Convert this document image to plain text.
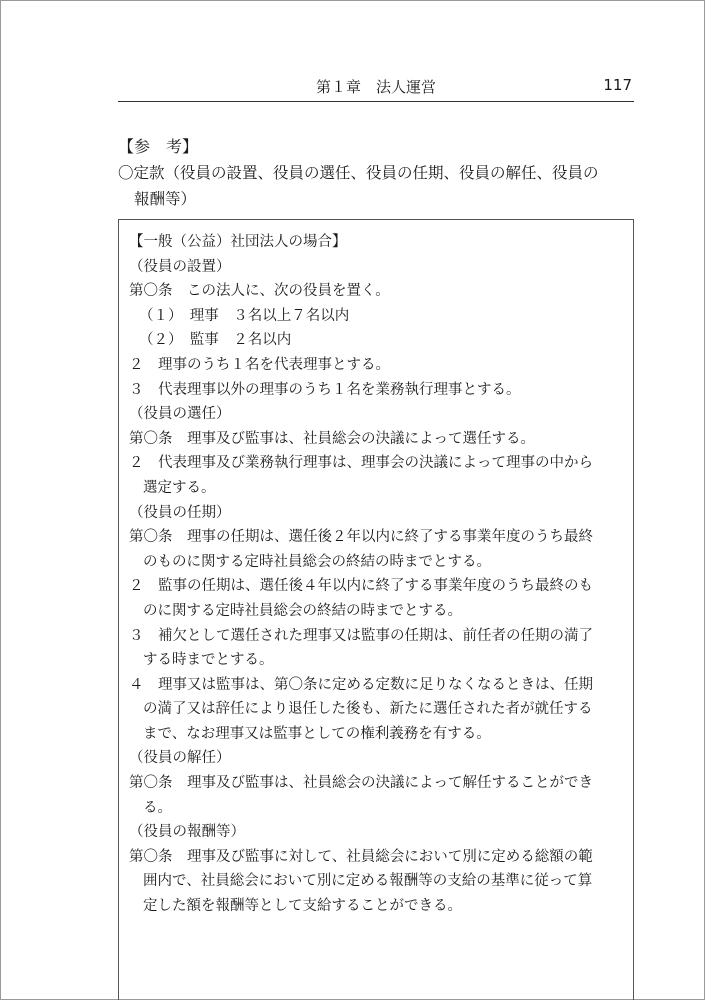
第１章　法人運営	117
【参　考】
〇定款（役員の設置、役員の選任、役員の任期、役員の解任、役員の
報酬等）
【一般（公益）社団法人の場合】
（役員の設置）
第〇条　この法人に、次の役員を置く。
（１）　理事　３名以上７名以内
（２）　監事　２名以内
２　理事のうち１名を代表理事とする。
３　代表理事以外の理事のうち１名を業務執行理事とする。
（役員の選任）
第〇条　理事及び監事は、社員総会の決議によって選任する。
２　代表理事及び業務執行理事は、理事会の決議によって理事の中から
選定する。
（役員の任期）
第〇条　理事の任期は、選任後２年以内に終了する事業年度のうち最終
のものに関する定時社員総会の終結の時までとする。
２　監事の任期は、選任後４年以内に終了する事業年度のうち最終のも
のに関する定時社員総会の終結の時までとする。
３　補欠として選任された理事又は監事の任期は、前任者の任期の満了
する時までとする。
４　理事又は監事は、第〇条に定める定数に足りなくなるときは、任期
の満了又は辞任により退任した後も、新たに選任された者が就任する
まで、なお理事又は監事としての権利義務を有する。
（役員の解任）
第〇条　理事及び監事は、社員総会の決議によって解任することができ
る。
（役員の報酬等）
第〇条　理事及び監事に対して、社員総会において別に定める総額の範
囲内で、社員総会において別に定める報酬等の支給の基準に従って算
定した額を報酬等として支給することができる。
